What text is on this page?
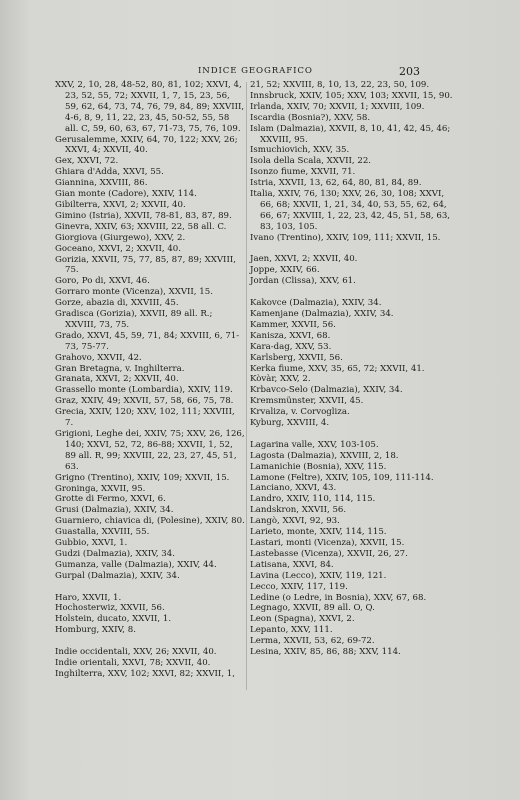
INDICE GEOGRAFICO	203
XXV, 2, 10, 28, 48-52, 80, 81, 102; XXVI, 4, 23, 52, 55, 72; XXVII, 1, 7, 15, 23, 56, 59, 62, 64, 73, 74, 76, 79, 84, 89; XXVIII, 4-6, 8, 9, 11, 22, 23, 45, 50-52, 55, 58 all. C, 59, 60, 63, 67, 71-73, 75, 76, 109.
Gerusalemme, XXIV, 64, 70, 122; XXV, 26; XXVI, 4; XXVII, 40.
Gex, XXVI, 72.
Ghiara d'Adda, XXVI, 55.
Giannina, XXVIII, 86.
Gian monte (Cadore), XXIV, 114.
Gibilterra, XXVI, 2; XXVII, 40.
Gimino (Istria), XXVII, 78-81, 83, 87, 89.
Ginevra, XXIV, 63; XXVIII, 22, 58 all. C.
Giorgiova (Giurgewo), XXV, 2.
Goceano, XXVI, 2; XXVII, 40.
Gorizia, XXVII, 75, 77, 85, 87, 89; XXVIII, 75.
Goro, Po di, XXVI, 46.
Gorraro monte (Vicenza), XXVII, 15.
Gorze, abazia di, XXVIII, 45.
Gradisca (Gorizia), XXVII, 89 all. R.; XXVIII, 73, 75.
Grado, XXVI, 45, 59, 71, 84; XXVIII, 6, 71-73, 75-77.
Grahovo, XXVII, 42.
Gran Bretagna, v. Inghilterra.
Granata, XXVI, 2; XXVII, 40.
Grassello monte (Lombardia), XXIV, 119.
Graz, XXIV, 49; XXVII, 57, 58, 66, 75, 78.
Grecia, XXIV, 120; XXV, 102, 111; XXVIII, 7.
Grigioni, Leghe dei, XXIV, 75; XXV, 26, 126, 140; XXVI, 52, 72, 86-88; XXVII, 1, 52, 89 all. R, 99; XXVIII, 22, 23, 27, 45, 51, 63.
Grigno (Trentino), XXIV, 109; XXVII, 15.
Groninga, XXVII, 95.
Grotte di Fermo, XXVI, 6.
Grusi (Dalmazia), XXIV, 34.
Guarniero, chiavica di, (Polesine), XXIV, 80.
Guastalla, XXVIII, 55.
Gubbio, XXVI, 1.
Gudzi (Dalmazia), XXIV, 34.
Gumanza, valle (Dalmazia), XXIV, 44.
Gurpal (Dalmazia), XXIV, 34.
Haro, XXVII, 1.
Hochosterwiz, XXVII, 56.
Holstein, ducato, XXVII, 1.
Homburg, XXIV, 8.
Indie occidentali, XXV, 26; XXVII, 40.
Indie orientali, XXVI, 78; XXVII, 40.
Inghilterra, XXV, 102; XXVI, 82; XXVII, 1,
21, 52; XXVIII, 8, 10, 13, 22, 23, 50, 109.
Innsbruck, XXIV, 105; XXV, 103; XXVII, 15, 90.
Irlanda, XXIV, 70; XXVII, 1; XXVIII, 109.
Iscardia (Bosnia?), XXV, 58.
Islam (Dalmazia), XXVII, 8, 10, 41, 42, 45, 46; XXVIII, 95.
Ismuchiovich, XXV, 35.
Isola della Scala, XXVII, 22.
Isonzo fiume, XXVII, 71.
Istria, XXVII, 13, 62, 64, 80, 81, 84, 89.
Italia, XXIV, 76, 130; XXV, 26, 30, 108; XXVI, 66, 68; XXVII, 1, 21, 34, 40, 53, 55, 62, 64, 66, 67; XXVIII, 1, 22, 23, 42, 45, 51, 58, 63, 83, 103, 105.
Ivano (Trentino), XXIV, 109, 111; XXVII, 15.
Jaen, XXVI, 2; XXVII, 40.
Joppe, XXIV, 66.
Jordan (Clissa), XXV, 61.
Kakovce (Dalmazia), XXIV, 34.
Kamenjane (Dalmazia), XXIV, 34.
Kammer, XXVII, 56.
Kanisza, XXVI, 68.
Kara-dag, XXV, 53.
Karlsberg, XXVII, 56.
Kerka fiume, XXV, 35, 65, 72; XXVII, 41.
Kòvàr, XXV, 2.
Krbavco-Selo (Dalmazia), XXIV, 34.
Kremsmünster, XXVII, 45.
Krvaliza, v. Corvogliza.
Kyburg, XXVIII, 4.
Lagarina valle, XXV, 103-105.
Lagosta (Dalmazia), XXVIII, 2, 18.
Lamanichie (Bosnia), XXV, 115.
Lamone (Feltre), XXIV, 105, 109, 111-114.
Lanciano, XXVI, 43.
Landro, XXIV, 110, 114, 115.
Landskron, XXVII, 56.
Langò, XXVI, 92, 93.
Larieto, monte, XXIV, 114, 115.
Lastari, monti (Vicenza), XXVII, 15.
Lastebasse (Vicenza), XXVII, 26, 27.
Latisana, XXVI, 84.
Lavina (Lecco), XXIV, 119, 121.
Lecco, XXIV, 117, 119.
Ledine (o Ledre, in Bosnia), XXV, 67, 68.
Legnago, XXVII, 89 all. O, Q.
Leon (Spagna), XXVI, 2.
Lepanto, XXV, 111.
Lerma, XXVII, 53, 62, 69-72.
Lesina, XXIV, 85, 86, 88; XXV, 114.
